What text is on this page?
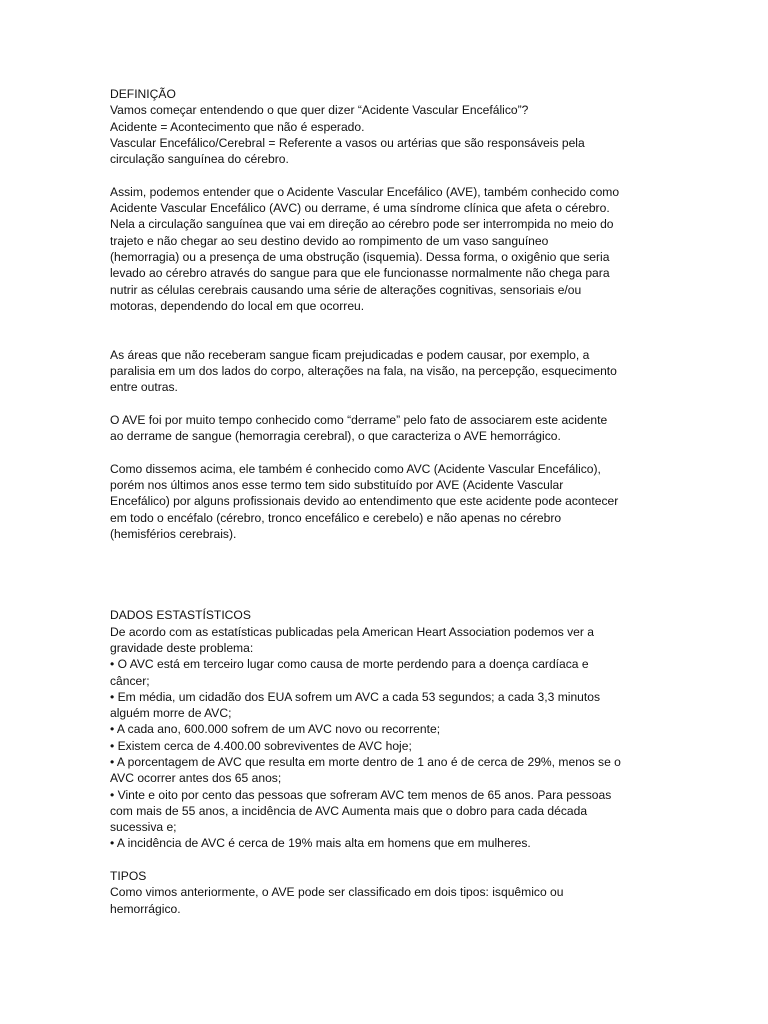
DEFINIÇÃO
Vamos começar entendendo o que quer dizer “Acidente Vascular Encefálico”?
Acidente = Acontecimento que não é esperado.
Vascular Encefálico/Cerebral = Referente a vasos ou artérias que são responsáveis pela
circulação sanguínea do cérebro.
Assim, podemos entender que o Acidente Vascular Encefálico (AVE), também conhecido como
Acidente Vascular Encefálico (AVC) ou derrame, é uma síndrome clínica que afeta o cérebro.
Nela a circulação sanguínea que vai em direção ao cérebro pode ser interrompida no meio do
trajeto e não chegar ao seu destino devido ao rompimento de um vaso sanguíneo
(hemorragia) ou a presença de uma obstrução (isquemia). Dessa forma, o oxigênio que seria
levado ao cérebro através do sangue para que ele funcionasse normalmente não chega para
nutrir as células cerebrais causando uma série de alterações cognitivas, sensoriais e/ou
motoras, dependendo do local em que ocorreu.
As áreas que não receberam sangue ficam prejudicadas e podem causar, por exemplo, a
paralisia em um dos lados do corpo, alterações na fala, na visão, na percepção, esquecimento
entre outras.
O AVE foi por muito tempo conhecido como “derrame” pelo fato de associarem este acidente
ao derrame de sangue (hemorragia cerebral), o que caracteriza o AVE hemorrágico.
Como dissemos acima, ele também é conhecido como AVC (Acidente Vascular Encefálico),
porém nos últimos anos esse termo tem sido substituído por AVE (Acidente Vascular
Encefálico) por alguns profissionais devido ao entendimento que este acidente pode acontecer
em todo o encéfalo (cérebro, tronco encefálico e cerebelo) e não apenas no cérebro
(hemisférios cerebrais).
DADOS ESTASTÍSTICOS
De acordo com as estatísticas publicadas pela American Heart Association podemos ver a
gravidade deste problema:
• O AVC está em terceiro lugar como causa de morte perdendo para a doença cardíaca e
câncer;
• Em média, um cidadão dos EUA sofrem um AVC a cada 53 segundos; a cada 3,3 minutos
alguém morre de AVC;
• A cada ano, 600.000 sofrem de um AVC novo ou recorrente;
• Existem cerca de 4.400.00 sobreviventes de AVC hoje;
• A porcentagem de AVC que resulta em morte dentro de 1 ano é de cerca de 29%, menos se o
AVC ocorrer antes dos 65 anos;
• Vinte e oito por cento das pessoas que sofreram AVC tem menos de 65 anos. Para pessoas
com mais de 55 anos, a incidência de AVC Aumenta mais que o dobro para cada década
sucessiva e;
• A incidência de AVC é cerca de 19% mais alta em homens que em mulheres.
TIPOS
Como vimos anteriormente, o AVE pode ser classificado em dois tipos: isquêmico ou
hemorrágico.
